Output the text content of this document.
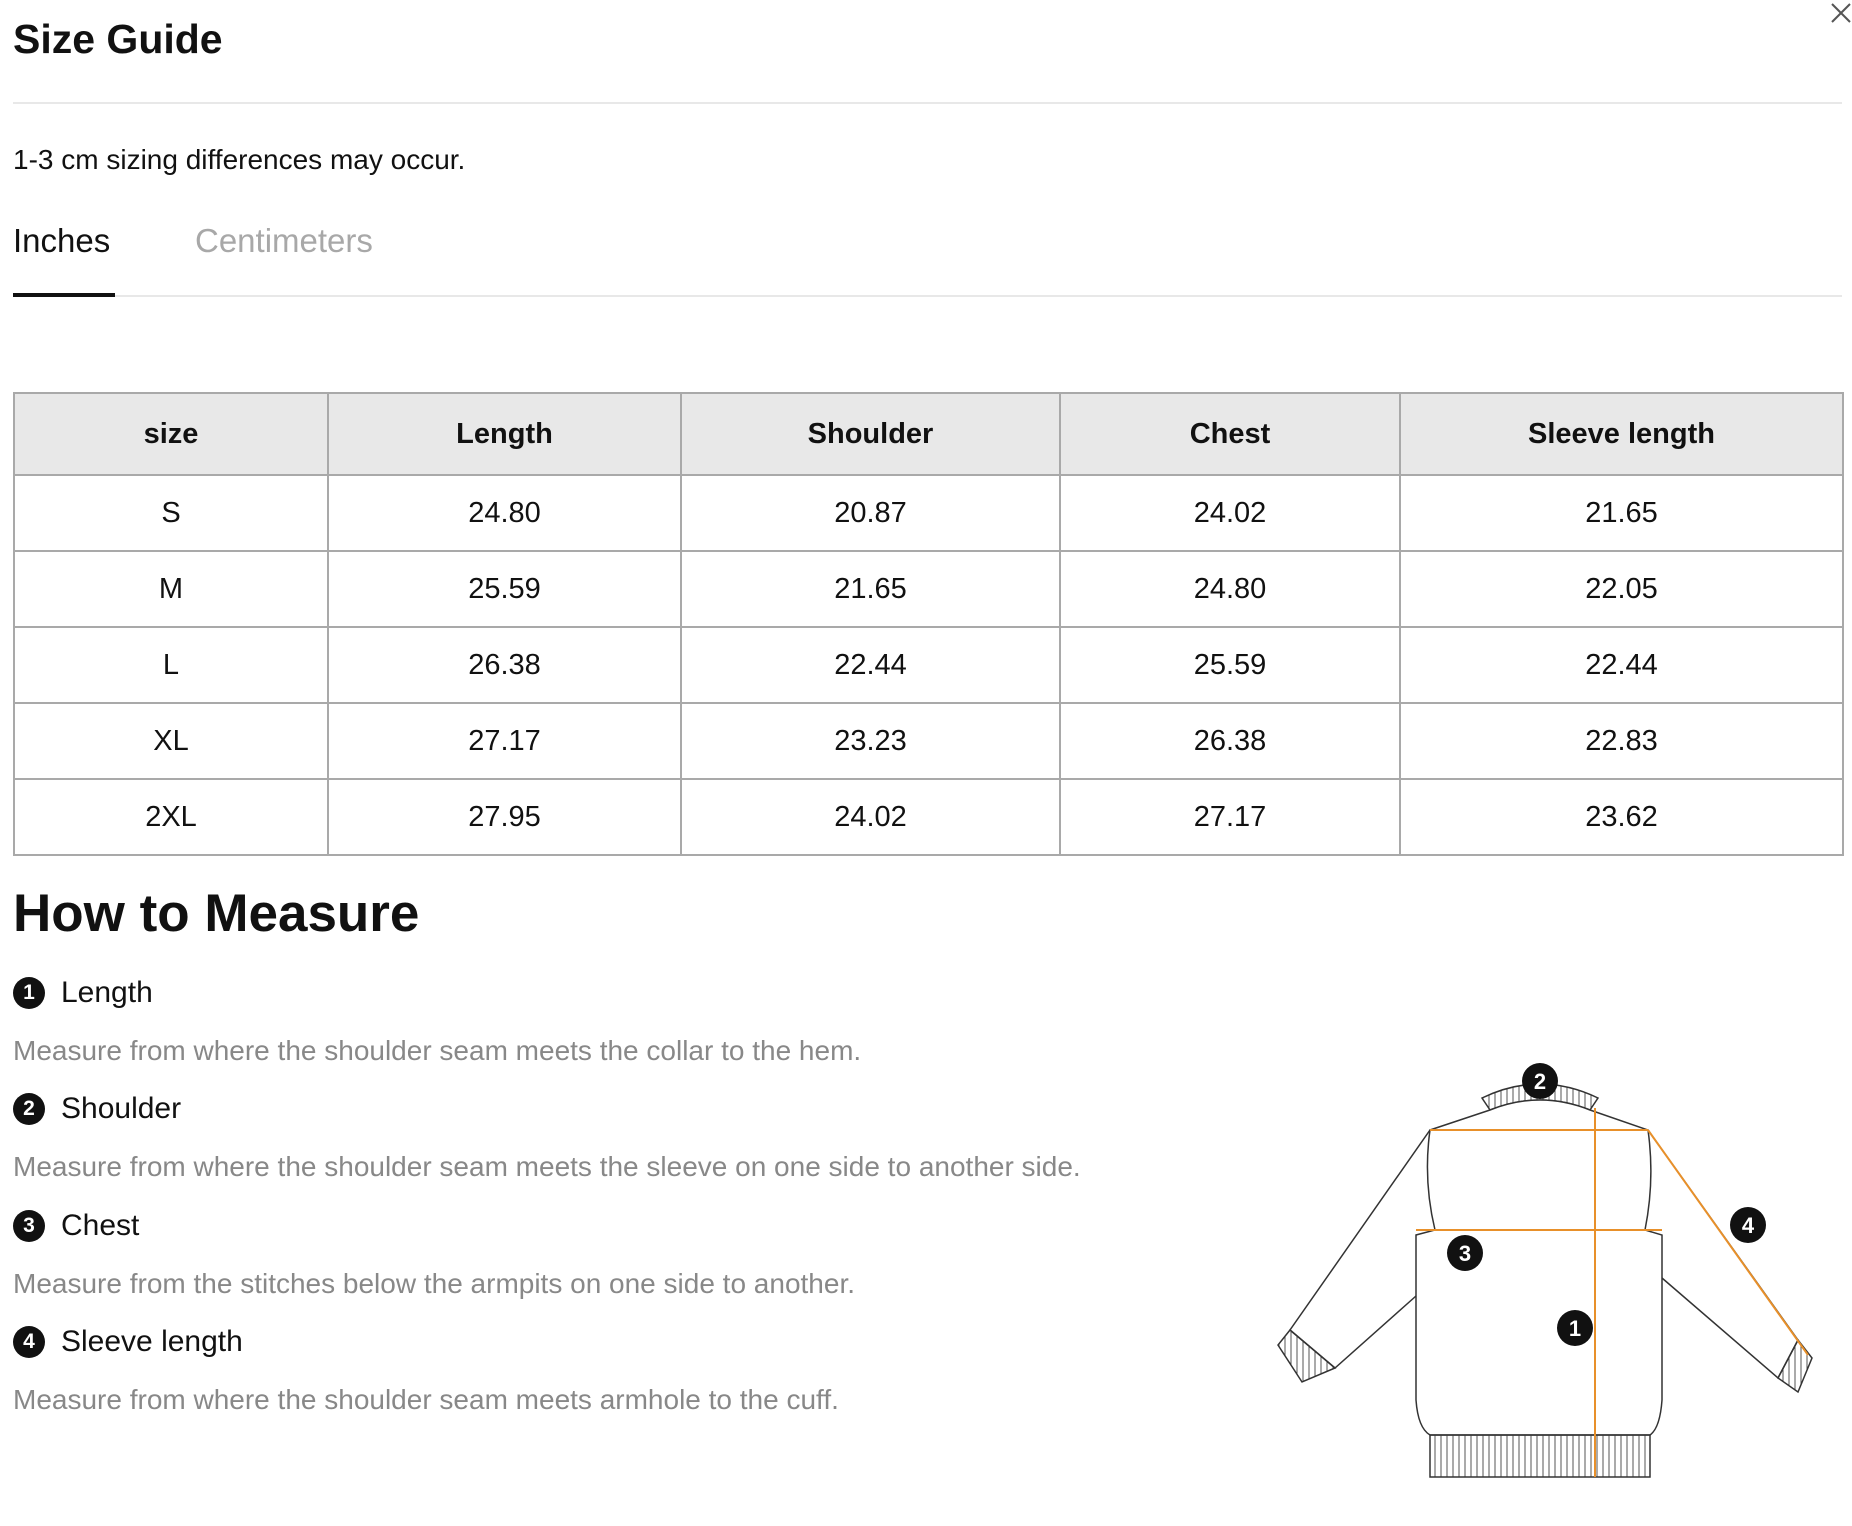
Size Guide
1-3 cm sizing differences may occur.
Inches	Centimeters
size	Length	Shoulder	Chest	Sleeve length
S	24.80	20.87	24.02	21.65
M	25.59	21.65	24.80	22.05
L	26.38	22.44	25.59	22.44
XL	27.17	23.23	26.38	22.83
2XL	27.95	24.02	27.17	23.62
How to Measure
1 Length
Measure from where the shoulder seam meets the collar to the hem.
2 Shoulder
Measure from where the shoulder seam meets the sleeve on one side to another side.
3 Chest
Measure from the stitches below the armpits on one side to another.
4 Sleeve length
Measure from where the shoulder seam meets armhole to the cuff.
2
3
1
4
